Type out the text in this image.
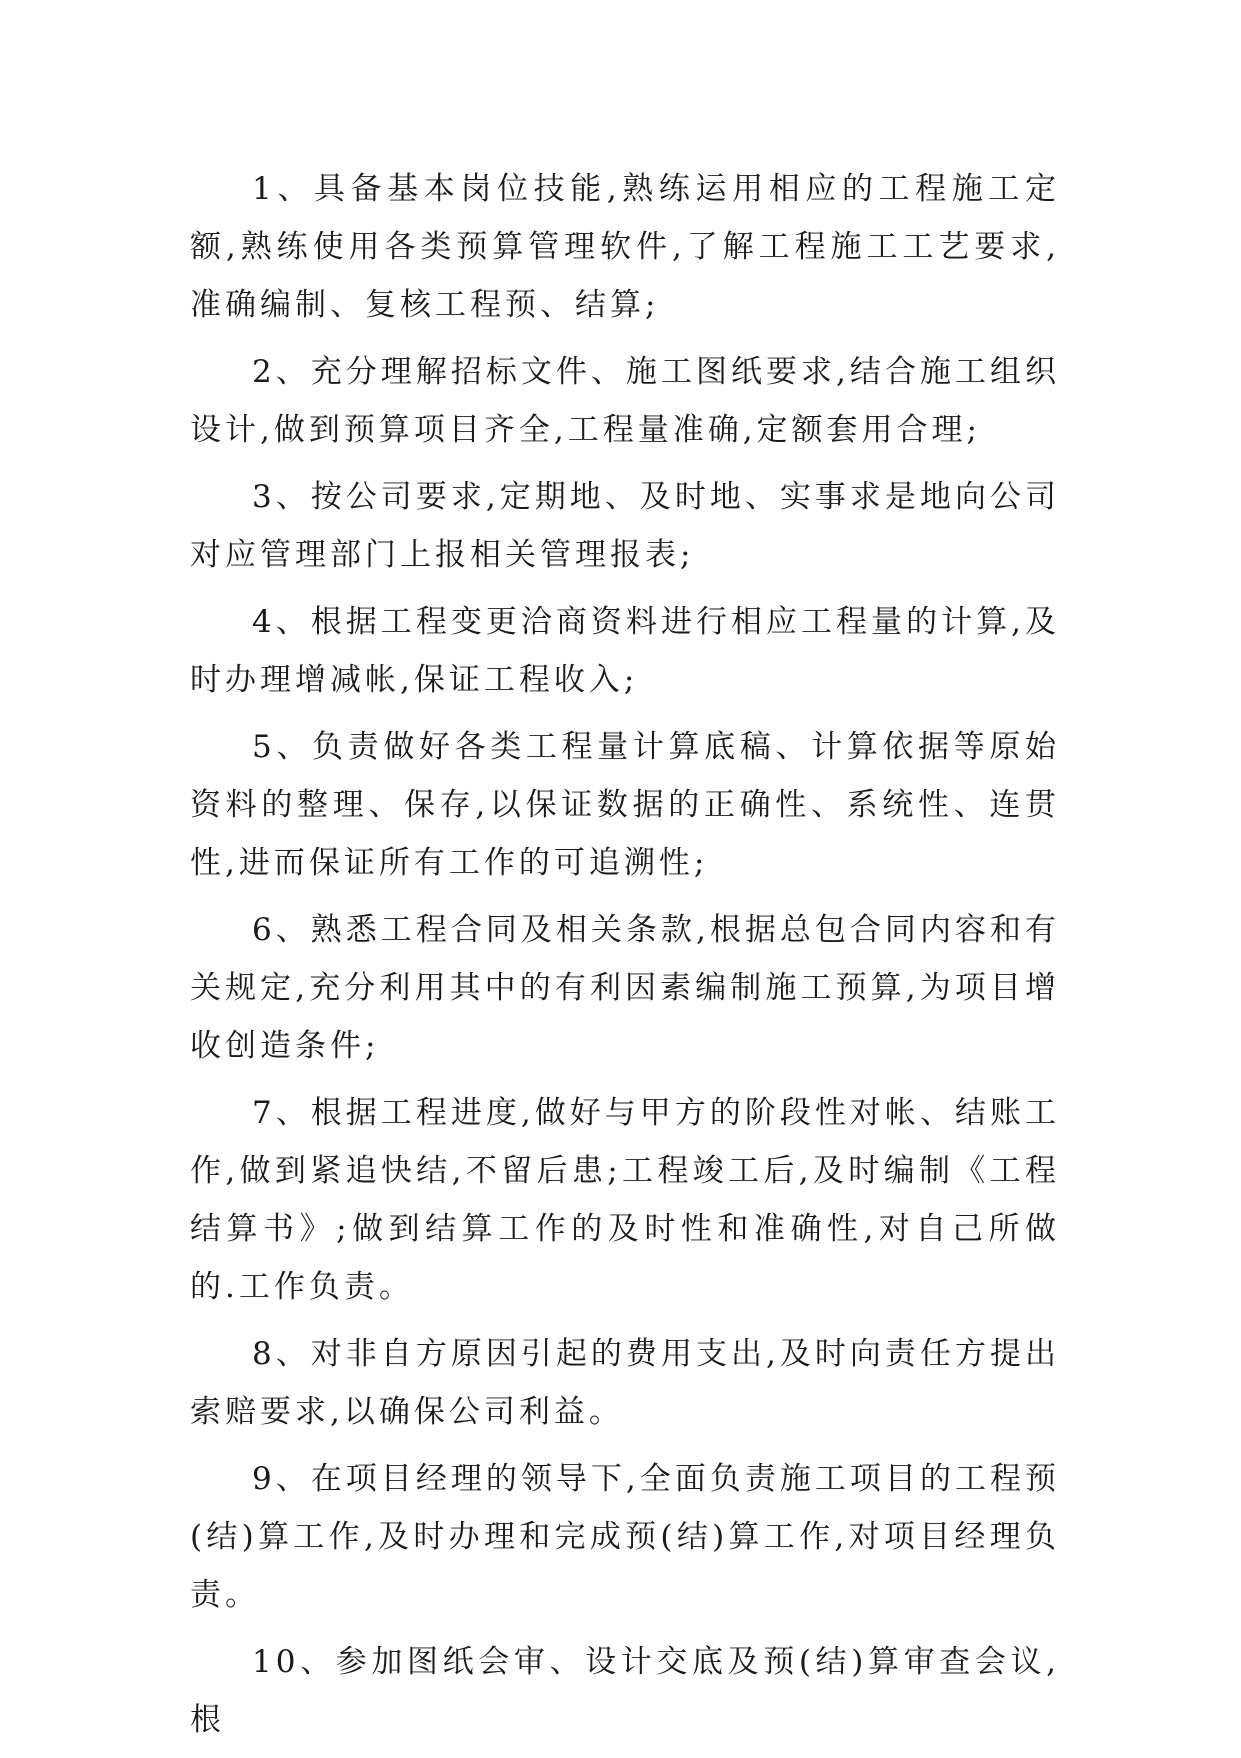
1、具备基本岗位技能,熟练运用相应的工程施工定额,熟练使用各类预算管理软件,了解工程施工工艺要求,准确编制、复核工程预、结算;

2、充分理解招标文件、施工图纸要求,结合施工组织设计,做到预算项目齐全,工程量准确,定额套用合理;

3、按公司要求,定期地、及时地、实事求是地向公司对应管理部门上报相关管理报表;

4、根据工程变更洽商资料进行相应工程量的计算,及时办理增减帐,保证工程收入;

5、负责做好各类工程量计算底稿、计算依据等原始资料的整理、保存,以保证数据的正确性、系统性、连贯性,进而保证所有工作的可追溯性;

6、熟悉工程合同及相关条款,根据总包合同内容和有关规定,充分利用其中的有利因素编制施工预算,为项目增收创造条件;

7、根据工程进度,做好与甲方的阶段性对帐、结账工作,做到紧追快结,不留后患;工程竣工后,及时编制《工程结算书》;做到结算工作的及时性和准确性,对自己所做的.工作负责。

8、对非自方原因引起的费用支出,及时向责任方提出索赔要求,以确保公司利益。

9、在项目经理的领导下,全面负责施工项目的工程预(结)算工作,及时办理和完成预(结)算工作,对项目经理负责。

10、参加图纸会审、设计交底及预(结)算审查会议,根
